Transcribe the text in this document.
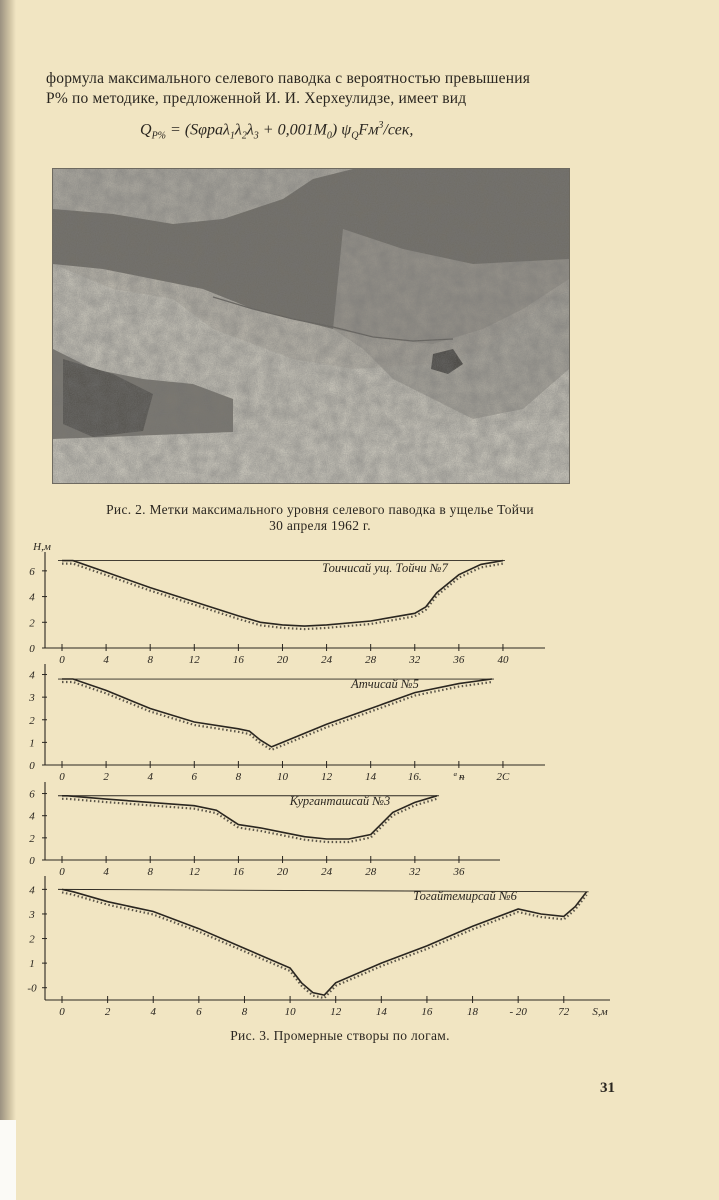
формула максимального селевого паводка с вероятностью превышения
P% по методике, предложенной И. И. Херхеулидзе, имеет вид
$Q_{P\%} = (S\varphi pa\lambda_1\lambda_2\lambda_3 + 0,001M_0)$ $\psi_QFм^3$/сек,
Рис. 2. Метки максимального уровня селевого паводка в ущелье Тойчи
30 апреля 1962 г.
0
2
4
6
0	4	8	12	16	20	24	28	32	36	40
Тоичисай ущ. Тойчи №7
0
1
2
3
4
0	2	4	6	8	10	12	14	16.	ª ᵰ	2С
Атчисай №5
0
2
4
6
0	4	8	12	16	20	24	28	32	36
Курганташсай №3
-0
1
2
3
4
0	2	4	6	8	10	12	14	16	18	- 20	72
Тогайтемирсай №6
Н,м
S,м
Рис. 3. Промерные створы по логам.
31
